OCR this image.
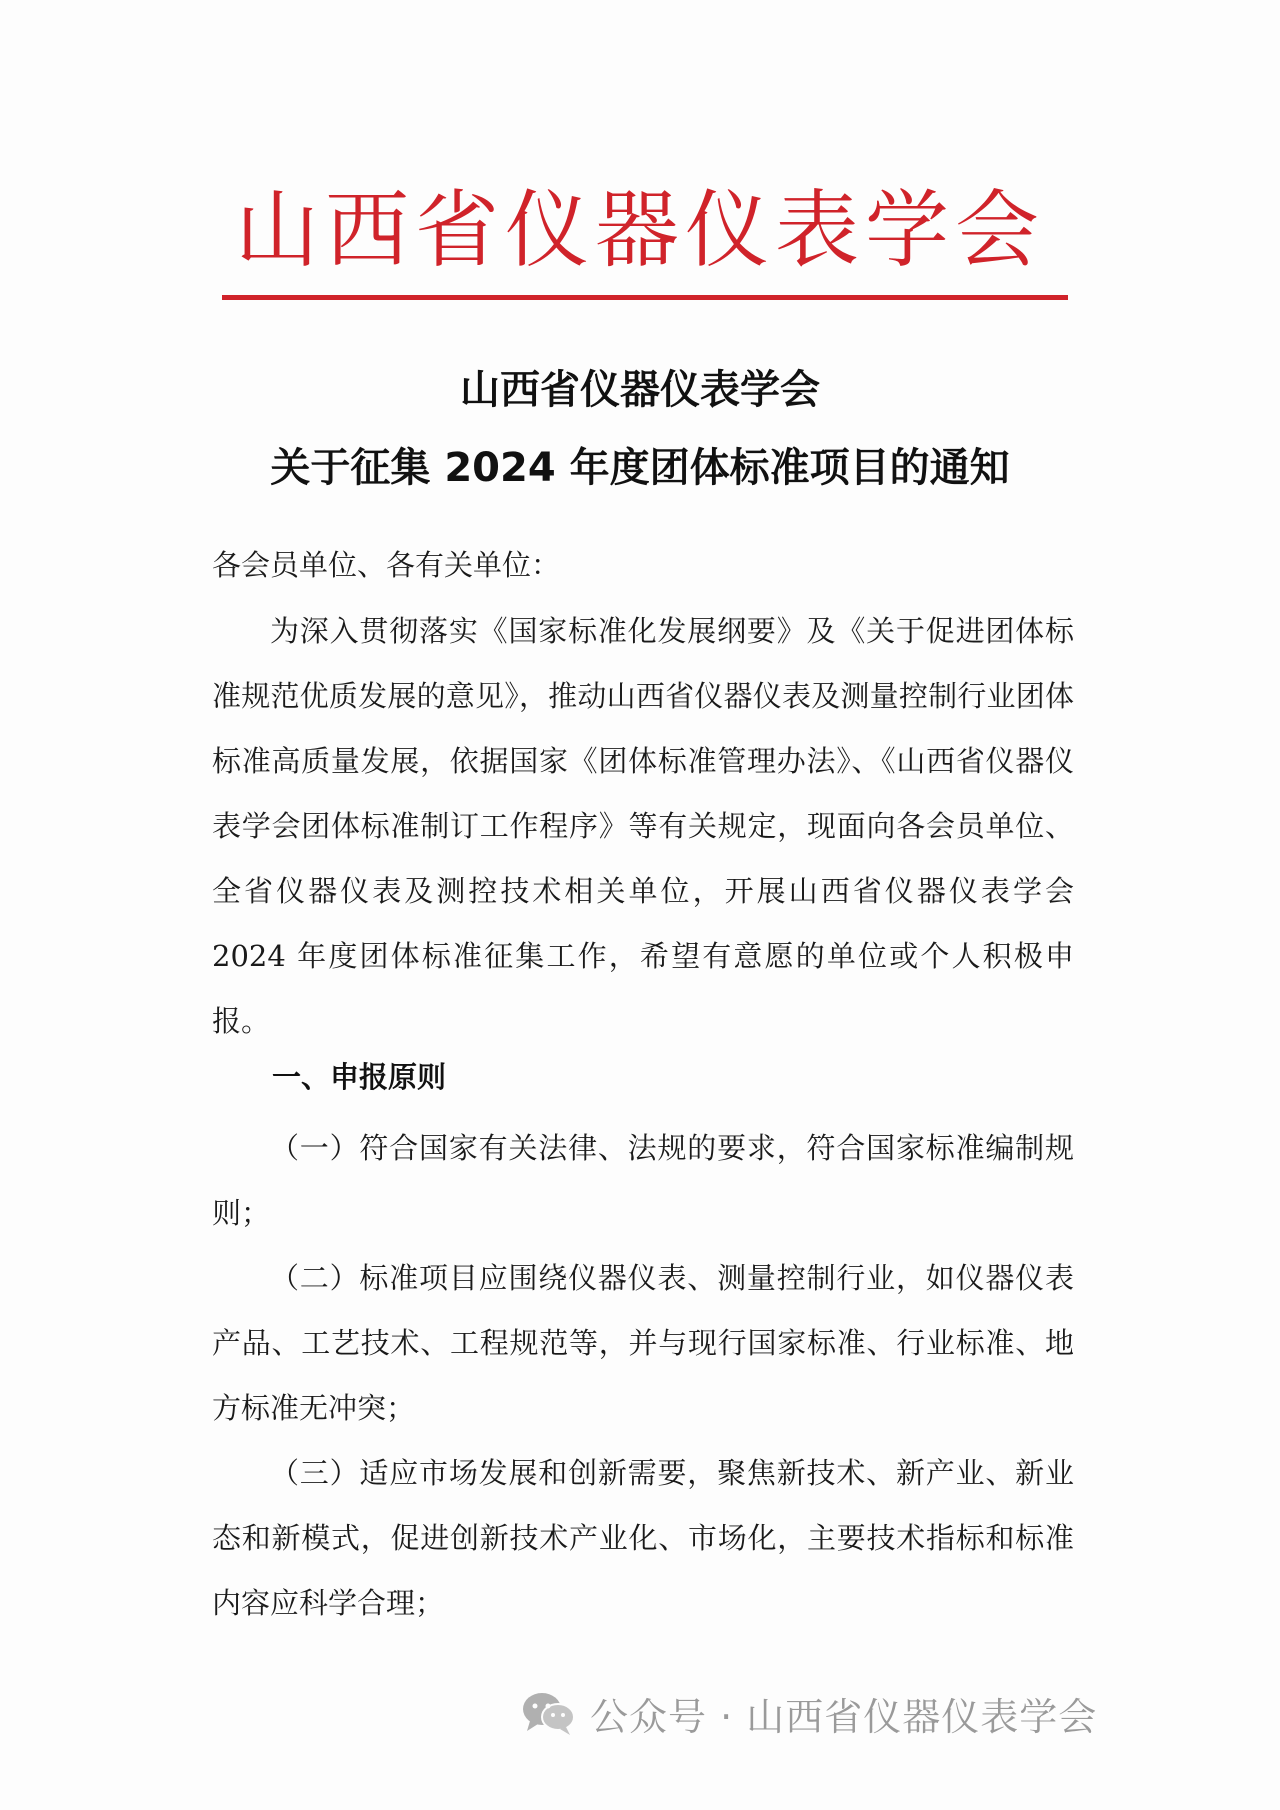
山西省仪器仪表学会
山西省仪器仪表学会
关于征集 2024 年度团体标准项目的通知
各会员单位、各有关单位：

为深入贯彻落实《国家标准化发展纲要》及《关于促进团体标准规范优质发展的意见》，推动山西省仪器仪表及测量控制行业团体标准高质量发展，依据国家《团体标准管理办法》、《山西省仪器仪表学会团体标准制订工作程序》等有关规定，现面向各会员单位、全省仪器仪表及测控技术相关单位，开展山西省仪器仪表学会 2024 年度团体标准征集工作，希望有意愿的单位或个人积极申报。

一、申报原则

（一）符合国家有关法律、法规的要求，符合国家标准编制规则；

（二）标准项目应围绕仪器仪表、测量控制行业，如仪器仪表产品、工艺技术、工程规范等，并与现行国家标准、行业标准、地方标准无冲突；

（三）适应市场发展和创新需要，聚焦新技术、新产业、新业态和新模式，促进创新技术产业化、市场化，主要技术指标和标准内容应科学合理；

公众号 · 山西省仪器仪表学会
